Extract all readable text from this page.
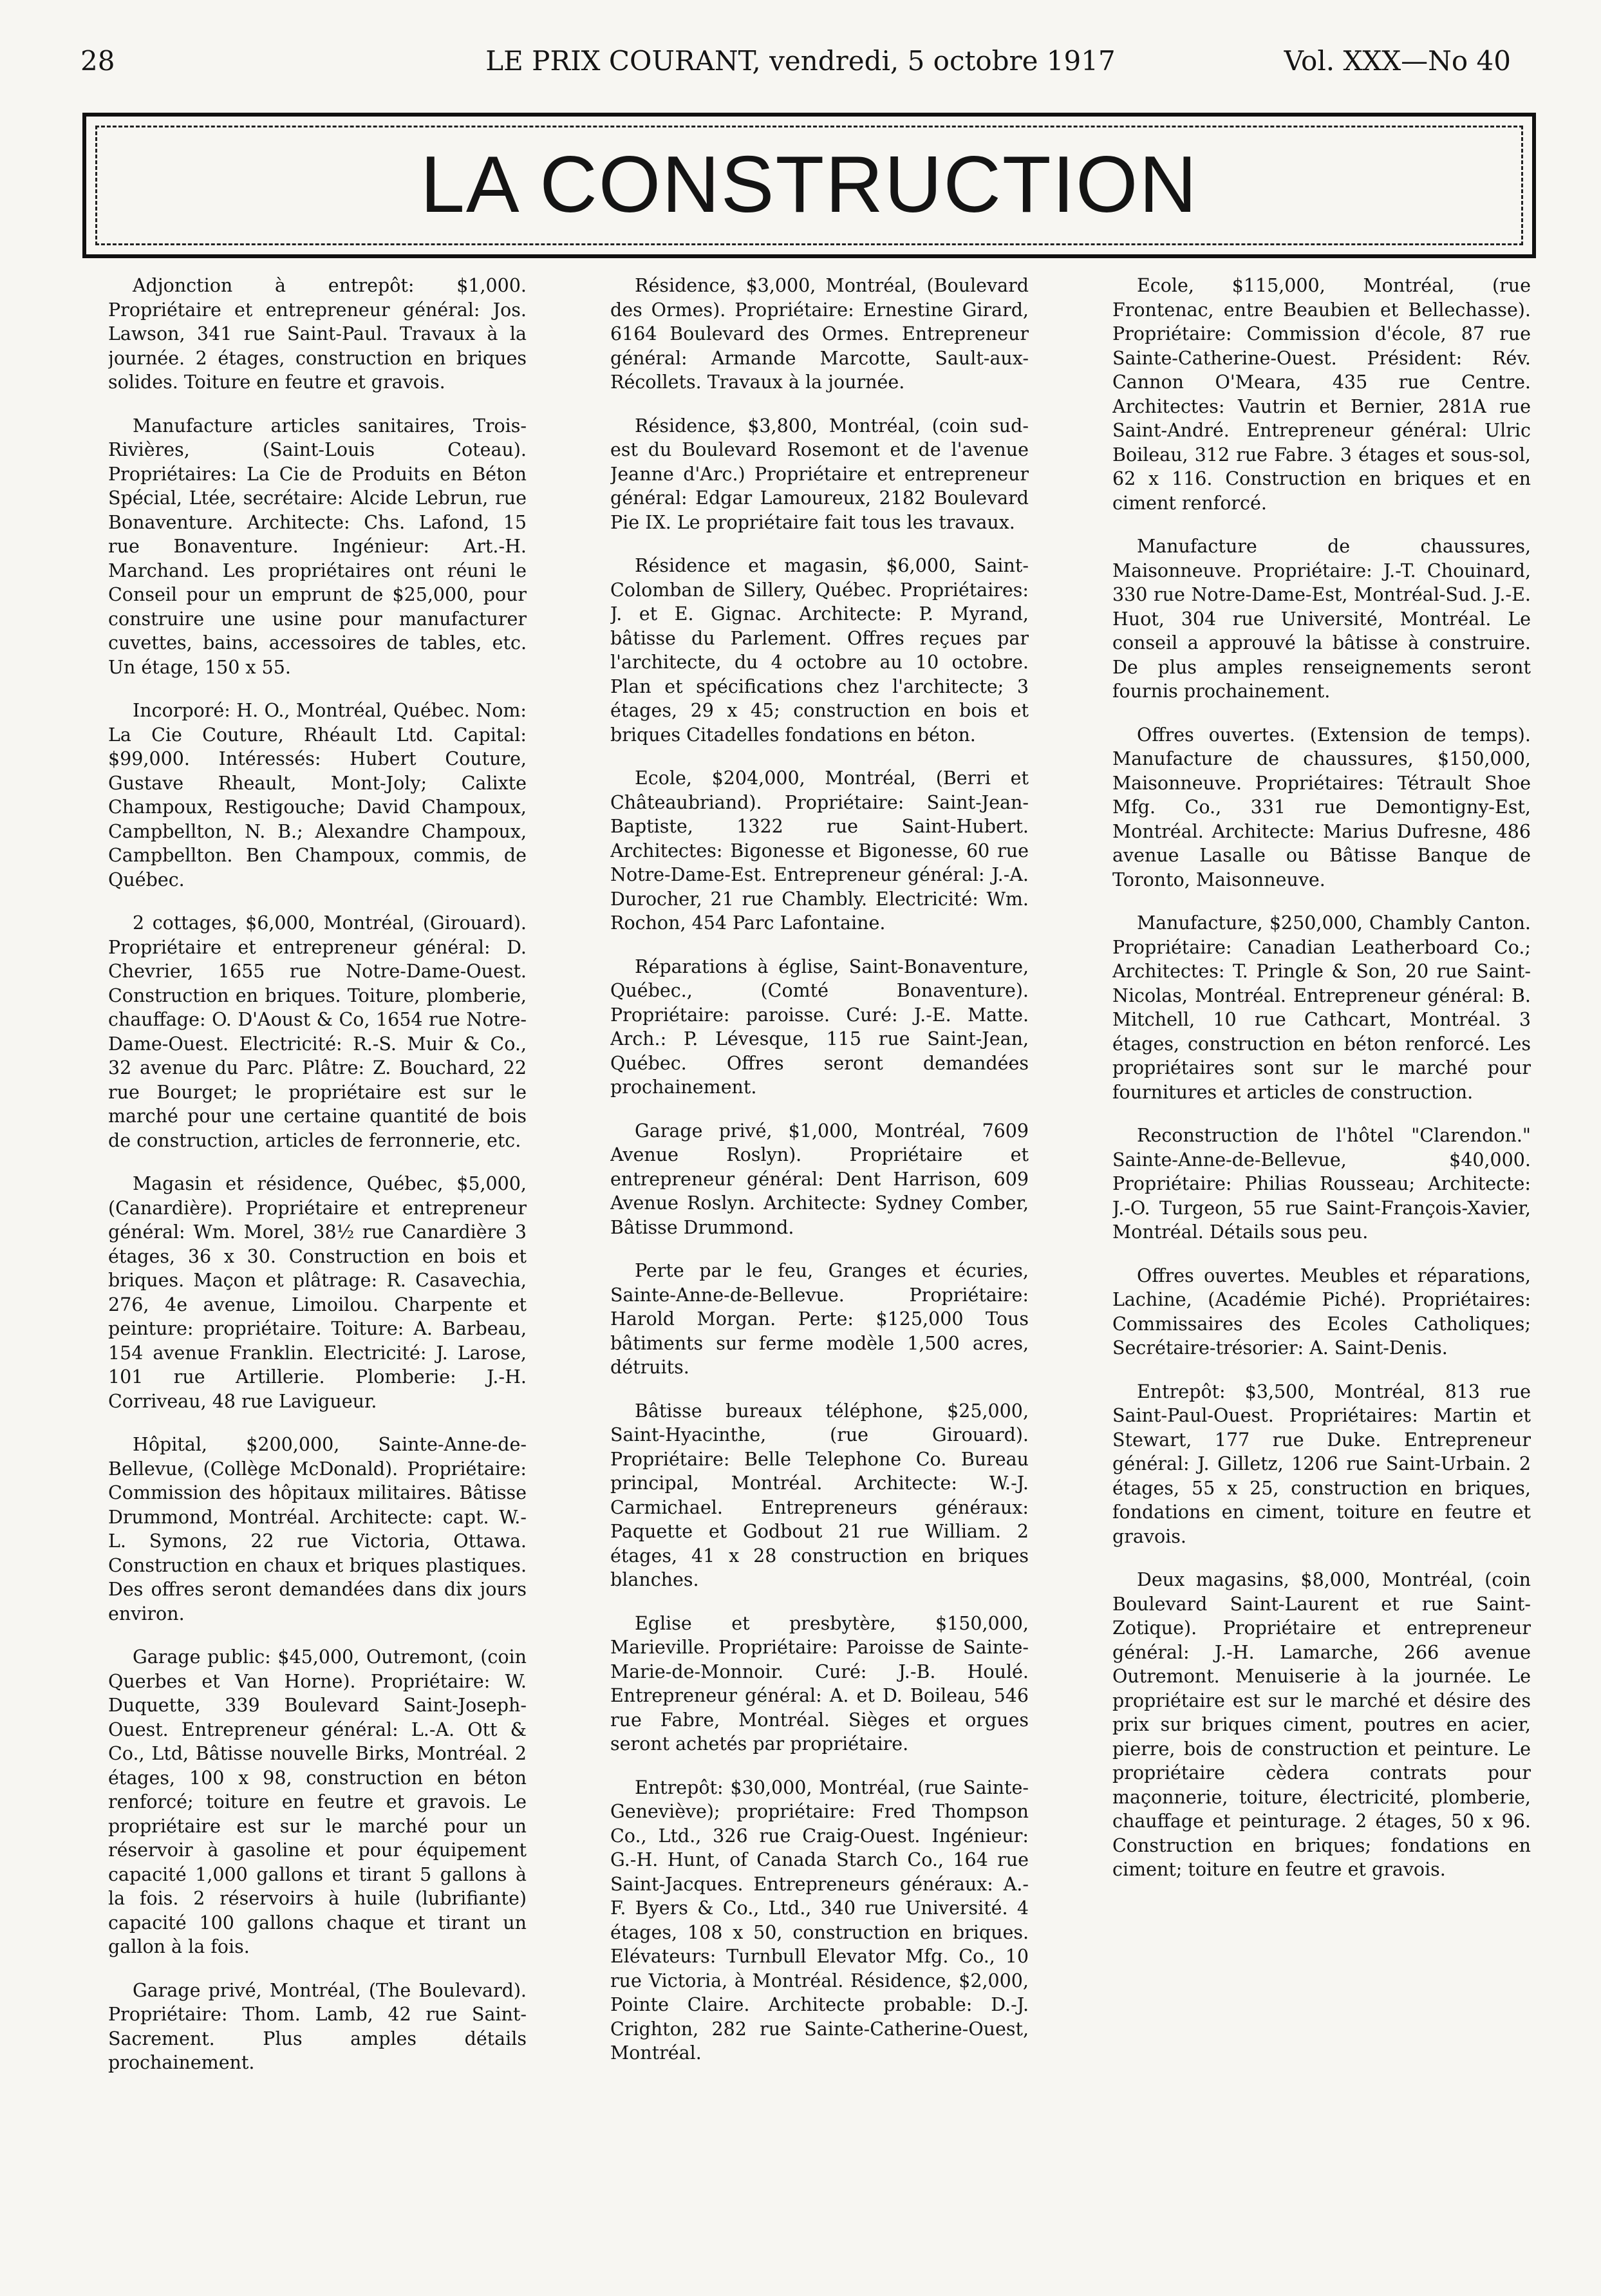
28	LE PRIX COURANT, vendredi, 5 octobre 1917	Vol. XXX—No 40
LA CONSTRUCTION

Adjonction à entrepôt: $1,000. Propriétaire et entrepreneur général: Jos. Lawson, 341 rue Saint-Paul. Travaux à la journée. 2 étages, construction en briques solides. Toiture en feutre et gravois.

Manufacture articles sanitaires, Trois-Rivières, (Saint-Louis Coteau). Propriétaires: La Cie de Produits en Béton Spécial, Ltée, secrétaire: Alcide Lebrun, rue Bonaventure. Architecte: Chs. Lafond, 15 rue Bonaventure. Ingénieur: Art.-H. Marchand. Les propriétaires ont réuni le Conseil pour un emprunt de $25,000, pour construire une usine pour manufacturer cuvettes, bains, accessoires de tables, etc. Un étage, 150 x 55.

Incorporé: H. O., Montréal, Québec. Nom: La Cie Couture, Rhéault Ltd. Capital: $99,000. Intéressés: Hubert Couture, Gustave Rheault, Mont-Joly; Calixte Champoux, Restigouche; David Champoux, Campbellton, N. B.; Alexandre Champoux, Campbellton. Ben Champoux, commis, de Québec.

2 cottages, $6,000, Montréal, (Girouard). Propriétaire et entrepreneur général: D. Chevrier, 1655 rue Notre-Dame-Ouest. Construction en briques. Toiture, plomberie, chauffage: O. D'Aoust & Co, 1654 rue Notre-Dame-Ouest. Electricité: R.-S. Muir & Co., 32 avenue du Parc. Plâtre: Z. Bouchard, 22 rue Bourget; le propriétaire est sur le marché pour une certaine quantité de bois de construction, articles de ferronnerie, etc.

Magasin et résidence, Québec, $5,000, (Canardière). Propriétaire et entrepreneur général: Wm. Morel, 38½ rue Canardière 3 étages, 36 x 30. Construction en bois et briques. Maçon et plâtrage: R. Casavechia, 276, 4e avenue, Limoilou. Charpente et peinture: propriétaire. Toiture: A. Barbeau, 154 avenue Franklin. Electricité: J. Larose, 101 rue Artillerie. Plomberie: J.-H. Corriveau, 48 rue Lavigueur.

Hôpital, $200,000, Sainte-Anne-de-Bellevue, (Collège McDonald). Propriétaire: Commission des hôpitaux militaires. Bâtisse Drummond, Montréal. Architecte: capt. W.-L. Symons, 22 rue Victoria, Ottawa. Construction en chaux et briques plastiques. Des offres seront demandées dans dix jours environ.

Garage public: $45,000, Outremont, (coin Querbes et Van Horne). Propriétaire: W. Duquette, 339 Boulevard Saint-Joseph-Ouest. Entrepreneur général: L.-A. Ott & Co., Ltd, Bâtisse nouvelle Birks, Montréal. 2 étages, 100 x 98, construction en béton renforcé; toiture en feutre et gravois. Le propriétaire est sur le marché pour un réservoir à gasoline et pour équipement capacité 1,000 gallons et tirant 5 gallons à la fois. 2 réservoirs à huile (lubrifiante) capacité 100 gallons chaque et tirant un gallon à la fois.

Garage privé, Montréal, (The Boulevard). Propriétaire: Thom. Lamb, 42 rue Saint-Sacrement. Plus amples détails prochainement.

Résidence, $3,000, Montréal, (Boulevard des Ormes). Propriétaire: Ernestine Girard, 6164 Boulevard des Ormes. Entrepreneur général: Armande Marcotte, Sault-aux-Récollets. Travaux à la journée.

Résidence, $3,800, Montréal, (coin sud-est du Boulevard Rosemont et de l'avenue Jeanne d'Arc.) Propriétaire et entrepreneur général: Edgar Lamoureux, 2182 Boulevard Pie IX. Le propriétaire fait tous les travaux.

Résidence et magasin, $6,000, Saint-Colomban de Sillery, Québec. Propriétaires: J. et E. Gignac. Architecte: P. Myrand, bâtisse du Parlement. Offres reçues par l'architecte, du 4 octobre au 10 octobre. Plan et spécifications chez l'architecte; 3 étages, 29 x 45; construction en bois et briques Citadelles fondations en béton.

Ecole, $204,000, Montréal, (Berri et Châteaubriand). Propriétaire: Saint-Jean-Baptiste, 1322 rue Saint-Hubert. Architectes: Bigonesse et Bigonesse, 60 rue Notre-Dame-Est. Entrepreneur général: J.-A. Durocher, 21 rue Chambly. Electricité: Wm. Rochon, 454 Parc Lafontaine.

Réparations à église, Saint-Bonaventure, Québec., (Comté Bonaventure). Propriétaire: paroisse. Curé: J.-E. Matte. Arch.: P. Lévesque, 115 rue Saint-Jean, Québec. Offres seront demandées prochainement.

Garage privé, $1,000, Montréal, 7609 Avenue Roslyn). Propriétaire et entrepreneur général: Dent Harrison, 609 Avenue Roslyn. Architecte: Sydney Comber, Bâtisse Drummond.

Perte par le feu, Granges et écuries, Sainte-Anne-de-Bellevue. Propriétaire: Harold Morgan. Perte: $125,000 Tous bâtiments sur ferme modèle 1,500 acres, détruits.

Bâtisse bureaux téléphone, $25,000, Saint-Hyacinthe, (rue Girouard). Propriétaire: Belle Telephone Co. Bureau principal, Montréal. Architecte: W.-J. Carmichael. Entrepreneurs généraux: Paquette et Godbout 21 rue William. 2 étages, 41 x 28 construction en briques blanches.

Eglise et presbytère, $150,000, Marieville. Propriétaire: Paroisse de Sainte-Marie-de-Monnoir. Curé: J.-B. Houlé. Entrepreneur général: A. et D. Boileau, 546 rue Fabre, Montréal. Sièges et orgues seront achetés par propriétaire.

Entrepôt: $30,000, Montréal, (rue Sainte-Geneviève); propriétaire: Fred Thompson Co., Ltd., 326 rue Craig-Ouest. Ingénieur: G.-H. Hunt, of Canada Starch Co., 164 rue Saint-Jacques. Entrepreneurs généraux: A.-F. Byers & Co., Ltd., 340 rue Université. 4 étages, 108 x 50, construction en briques. Elévateurs: Turnbull Elevator Mfg. Co., 10 rue Victoria, à Montréal. Résidence, $2,000, Pointe Claire. Architecte probable: D.-J. Crighton, 282 rue Sainte-Catherine-Ouest, Montréal.

Ecole, $115,000, Montréal, (rue Frontenac, entre Beaubien et Bellechasse). Propriétaire: Commission d'école, 87 rue Sainte-Catherine-Ouest. Président: Rév. Cannon O'Meara, 435 rue Centre. Architectes: Vautrin et Bernier, 281A rue Saint-André. Entrepreneur général: Ulric Boileau, 312 rue Fabre. 3 étages et sous-sol, 62 x 116. Construction en briques et en ciment renforcé.

Manufacture de chaussures, Maisonneuve. Propriétaire: J.-T. Chouinard, 330 rue Notre-Dame-Est, Montréal-Sud. J.-E. Huot, 304 rue Université, Montréal. Le conseil a approuvé la bâtisse à construire. De plus amples renseignements seront fournis prochainement.

Offres ouvertes. (Extension de temps). Manufacture de chaussures, $150,000, Maisonneuve. Propriétaires: Tétrault Shoe Mfg. Co., 331 rue Demontigny-Est, Montréal. Architecte: Marius Dufresne, 486 avenue Lasalle ou Bâtisse Banque de Toronto, Maisonneuve.

Manufacture, $250,000, Chambly Canton. Propriétaire: Canadian Leatherboard Co.; Architectes: T. Pringle & Son, 20 rue Saint-Nicolas, Montréal. Entrepreneur général: B. Mitchell, 10 rue Cathcart, Montréal. 3 étages, construction en béton renforcé. Les propriétaires sont sur le marché pour fournitures et articles de construction.

Reconstruction de l'hôtel "Clarendon." Sainte-Anne-de-Bellevue, $40,000. Propriétaire: Philias Rousseau; Architecte: J.-O. Turgeon, 55 rue Saint-François-Xavier, Montréal. Détails sous peu.

Offres ouvertes. Meubles et réparations, Lachine, (Académie Piché). Propriétaires: Commissaires des Ecoles Catholiques; Secrétaire-trésorier: A. Saint-Denis.

Entrepôt: $3,500, Montréal, 813 rue Saint-Paul-Ouest. Propriétaires: Martin et Stewart, 177 rue Duke. Entrepreneur général: J. Gilletz, 1206 rue Saint-Urbain. 2 étages, 55 x 25, construction en briques, fondations en ciment, toiture en feutre et gravois.

Deux magasins, $8,000, Montréal, (coin Boulevard Saint-Laurent et rue Saint-Zotique). Propriétaire et entrepreneur général: J.-H. Lamarche, 266 avenue Outremont. Menuiserie à la journée. Le propriétaire est sur le marché et désire des prix sur briques ciment, poutres en acier, pierre, bois de construction et peinture. Le propriétaire cèdera contrats pour maçonnerie, toiture, électricité, plomberie, chauffage et peinturage. 2 étages, 50 x 96. Construction en briques; fondations en ciment; toiture en feutre et gravois.
